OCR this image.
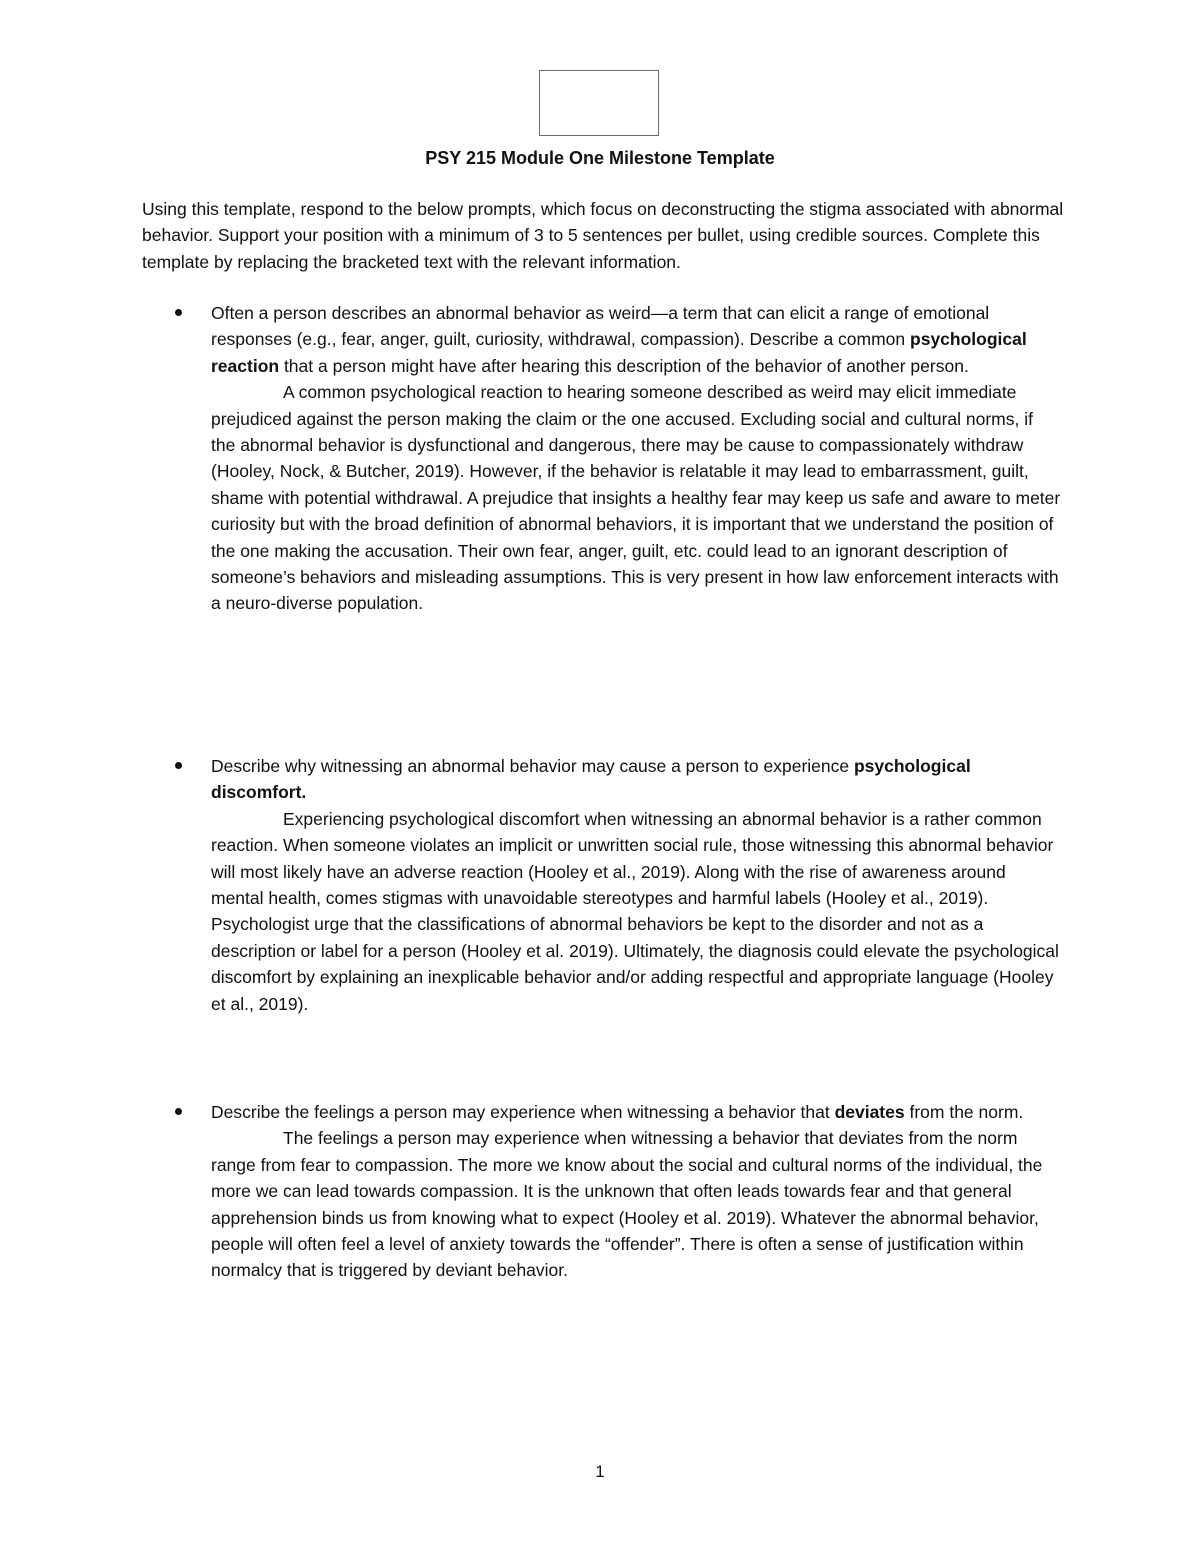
PSY 215 Module One Milestone Template

Using this template, respond to the below prompts, which focus on deconstructing the stigma associated with abnormal behavior. Support your position with a minimum of 3 to 5 sentences per bullet, using credible sources. Complete this template by replacing the bracketed text with the relevant information.

Often a person describes an abnormal behavior as weird—a term that can elicit a range of emotional responses (e.g., fear, anger, guilt, curiosity, withdrawal, compassion). Describe a common psychological reaction that a person might have after hearing this description of the behavior of another person.

A common psychological reaction to hearing someone described as weird may elicit immediate prejudiced against the person making the claim or the one accused. Excluding social and cultural norms, if the abnormal behavior is dysfunctional and dangerous, there may be cause to compassionately withdraw (Hooley, Nock, & Butcher, 2019). However, if the behavior is relatable it may lead to embarrassment, guilt, shame with potential withdrawal. A prejudice that insights a healthy fear may keep us safe and aware to meter curiosity but with the broad definition of abnormal behaviors, it is important that we understand the position of the one making the accusation. Their own fear, anger, guilt, etc. could lead to an ignorant description of someone’s behaviors and misleading assumptions. This is very present in how law enforcement interacts with a neuro-diverse population.

Describe why witnessing an abnormal behavior may cause a person to experience psychological discomfort.

Experiencing psychological discomfort when witnessing an abnormal behavior is a rather common reaction. When someone violates an implicit or unwritten social rule, those witnessing this abnormal behavior will most likely have an adverse reaction (Hooley et al., 2019). Along with the rise of awareness around mental health, comes stigmas with unavoidable stereotypes and harmful labels (Hooley et al., 2019). Psychologist urge that the classifications of abnormal behaviors be kept to the disorder and not as a description or label for a person (Hooley et al. 2019). Ultimately, the diagnosis could elevate the psychological discomfort by explaining an inexplicable behavior and/or adding respectful and appropriate language (Hooley et al., 2019).

Describe the feelings a person may experience when witnessing a behavior that deviates from the norm.

The feelings a person may experience when witnessing a behavior that deviates from the norm range from fear to compassion. The more we know about the social and cultural norms of the individual, the more we can lead towards compassion. It is the unknown that often leads towards fear and that general apprehension binds us from knowing what to expect (Hooley et al. 2019). Whatever the abnormal behavior, people will often feel a level of anxiety towards the “offender”. There is often a sense of justification within normalcy that is triggered by deviant behavior.

1
